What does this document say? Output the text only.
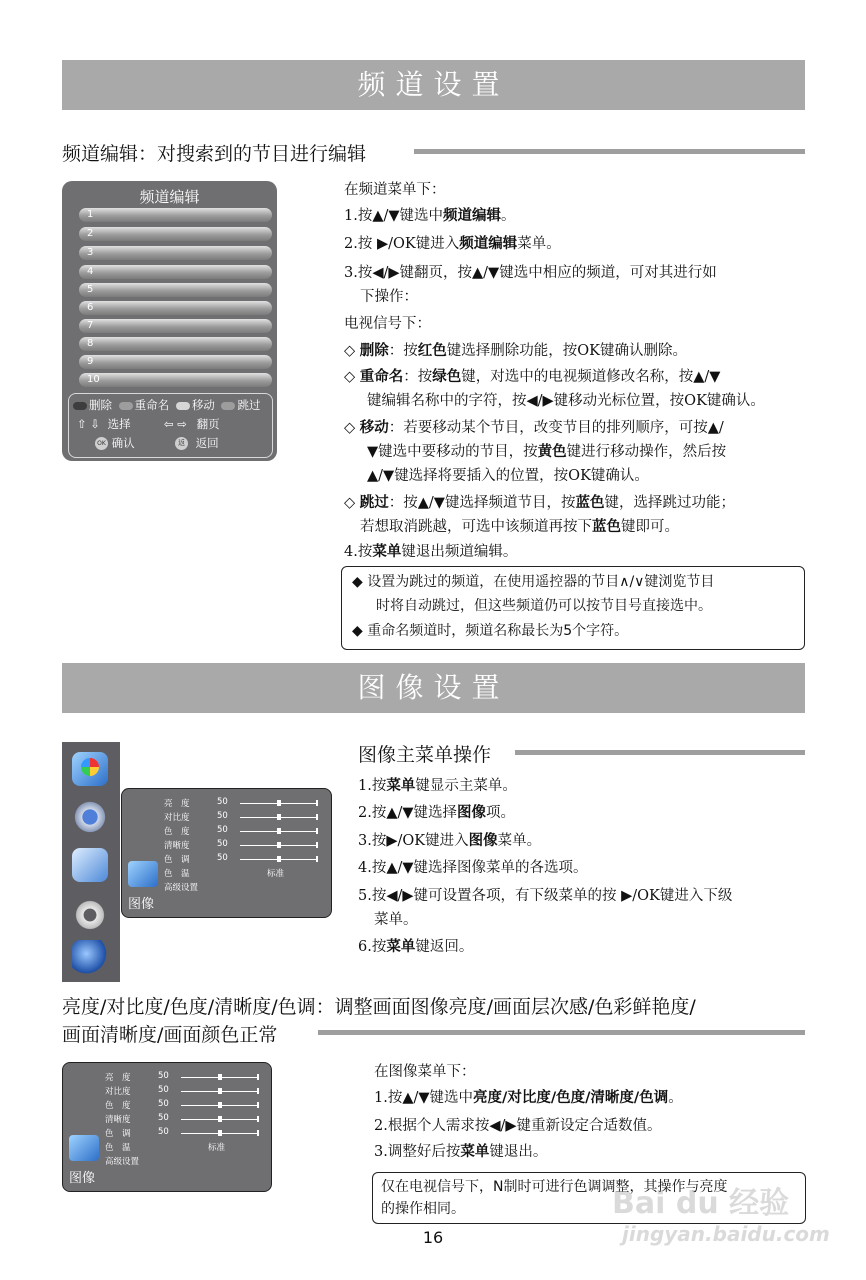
频道设置
频道编辑：对搜索到的节目进行编辑
频道编辑
1
2
3
4
5
6
7
8
9
10
删除 重命名 移动 跳过
⇧ ⇩ 选择	⇦ ⇨ 翻页
OK 确认	返 返回
在频道菜单下：
1.按▲/▼键选中频道编辑。
2.按 ▶/OK键进入频道编辑菜单。
3.按◀/▶键翻页，按▲/▼键选中相应的频道，可对其进行如
下操作：
电视信号下：
◇ 删除：按红色键选择删除功能，按OK键确认删除。
◇ 重命名：按绿色键，对选中的电视频道修改名称，按▲/▼
键编辑名称中的字符，按◀/▶键移动光标位置，按OK键确认。
◇ 移动：若要移动某个节目，改变节目的排列顺序，可按▲/
▼键选中要移动的节目，按黄色键进行移动操作，然后按
▲/▼键选择将要插入的位置，按OK键确认。
◇ 跳过：按▲/▼键选择频道节目，按蓝色键，选择跳过功能；
若想取消跳越，可选中该频道再按下蓝色键即可。
4.按菜单键退出频道编辑。
◆ 设置为跳过的频道，在使用遥控器的节目∧/∨键浏览节目
时将自动跳过，但这些频道仍可以按节目号直接选中。
◆ 重命名频道时，频道名称最长为5个字符。
图像设置
亮　度	50
对比度	50
色　度	50
清晰度	50
色　调	50
色　温	标准
高级设置
图像
图像主菜单操作
1.按菜单键显示主菜单。
2.按▲/▼键选择图像项。
3.按▶/OK键进入图像菜单。
4.按▲/▼键选择图像菜单的各选项。
5.按◀/▶键可设置各项，有下级菜单的按 ▶/OK键进入下级
菜单。
6.按菜单键返回。
亮度/对比度/色度/清晰度/色调：调整画面图像亮度/画面层次感/色彩鲜艳度/
画面清晰度/画面颜色正常
亮　度	50
对比度	50
色　度	50
清晰度	50
色　调	50
色　温	标准
高级设置
图像
在图像菜单下：
1.按▲/▼键选中亮度/对比度/色度/清晰度/色调。
2.根据个人需求按◀/▶键重新设定合适数值。
3.调整好后按菜单键退出。
仅在电视信号下，N制时可进行色调调整，其操作与亮度
的操作相同。
16
Bai du 经验
jingyan.baidu.com
